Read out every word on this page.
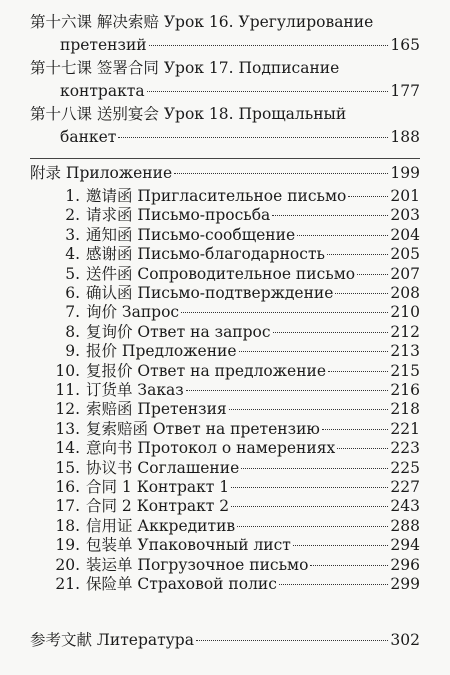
第十六课 解决索赔 Урок 16. Урегулирование
претензий	165
第十七课 签署合同 Урок 17. Подписание
контракта	177
第十八课 送别宴会 Урок 18. Прощальный
банкет	188
附录 Приложение	199
1. 邀请函 Пригласительное письмо	201
2. 请求函 Письмо-просьба	203
3. 通知函 Письмо-сообщение	204
4. 感谢函 Письмо-благодарность	205
5. 送件函 Сопроводительное письмо 207
6. 确认函 Письмо-подтверждение	208
7. 询价 Запрос	210
8. 复询价 Ответ на запрос	212
9. 报价 Предложение	213
10. 复报价 Ответ на предложение	215
11. 订货单 Заказ	216
12. 索赔函 Претензия	218
13. 复索赔函 Ответ на претензию	221
14. 意向书 Протокол о намерениях	223
15. 协议书 Соглашение	225
16. 合同 1 Контракт 1	227
17. 合同 2 Контракт 2	243
18. 信用证 Аккредитив	288
19. 包装单 Упаковочный лист	294
20. 装运单 Погрузочное письмо	296
21. 保险单 Страховой полис	299
参考文献 Литература	302
